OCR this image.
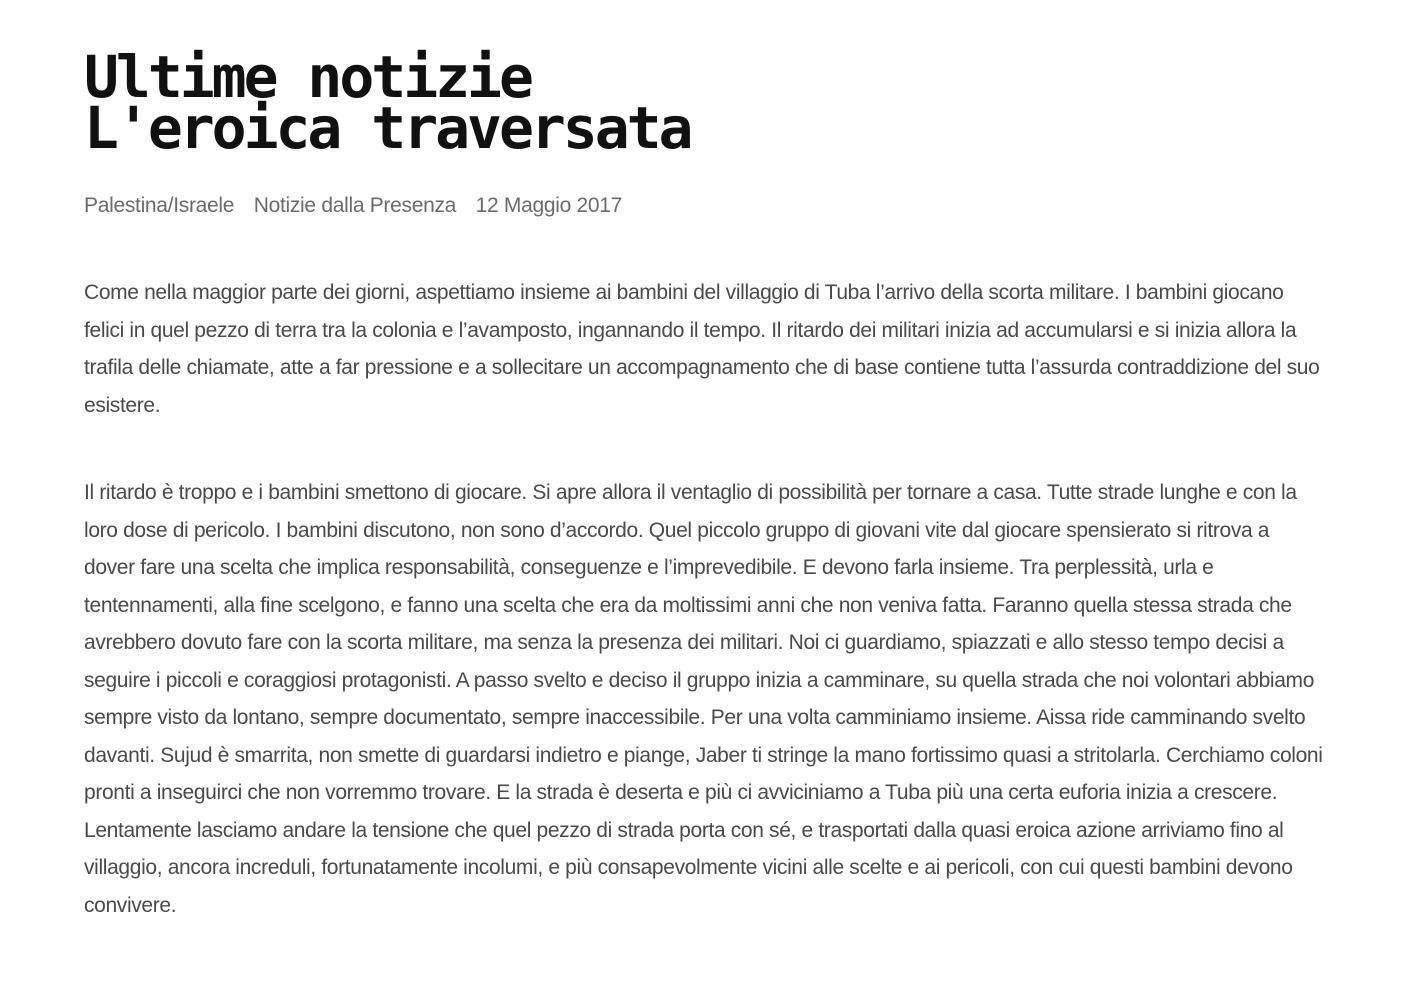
Ultime notizie
L'eroica traversata
Palestina/Israele Notizie dalla Presenza 12 Maggio 2017

Come nella maggior parte dei giorni, aspettiamo insieme ai bambini del villaggio di Tuba l’arrivo della scorta militare. I bambini giocano felici in quel pezzo di terra tra la colonia e l’avamposto, ingannando il tempo. Il ritardo dei militari inizia ad accumularsi e si inizia allora la trafila delle chiamate, atte a far pressione e a sollecitare un accompagnamento che di base contiene tutta l’assurda contraddizione del suo esistere.

Il ritardo è troppo e i bambini smettono di giocare. Si apre allora il ventaglio di possibilità per tornare a casa. Tutte strade lunghe e con la loro dose di pericolo. I bambini discutono, non sono d’accordo. Quel piccolo gruppo di giovani vite dal giocare spensierato si ritrova a dover fare una scelta che implica responsabilità, conseguenze e l’imprevedibile. E devono farla insieme. Tra perplessità, urla e tentennamenti, alla fine scelgono, e fanno una scelta che era da moltissimi anni che non veniva fatta. Faranno quella stessa strada che avrebbero dovuto fare con la scorta militare, ma senza la presenza dei militari. Noi ci guardiamo, spiazzati e allo stesso tempo decisi a seguire i piccoli e coraggiosi protagonisti. A passo svelto e deciso il gruppo inizia a camminare, su quella strada che noi volontari abbiamo sempre visto da lontano, sempre documentato, sempre inaccessibile. Per una volta camminiamo insieme. Aissa ride camminando svelto davanti. Sujud è smarrita, non smette di guardarsi indietro e piange, Jaber ti stringe la mano fortissimo quasi a stritolarla. Cerchiamo coloni pronti a inseguirci che non vorremmo trovare. E la strada è deserta e più ci avviciniamo a Tuba più una certa euforia inizia a crescere. Lentamente lasciamo andare la tensione che quel pezzo di strada porta con sé, e trasportati dalla quasi eroica azione arriviamo fino al villaggio, ancora increduli, fortunatamente incolumi, e più consapevolmente vicini alle scelte e ai pericoli, con cui questi bambini devono convivere.
